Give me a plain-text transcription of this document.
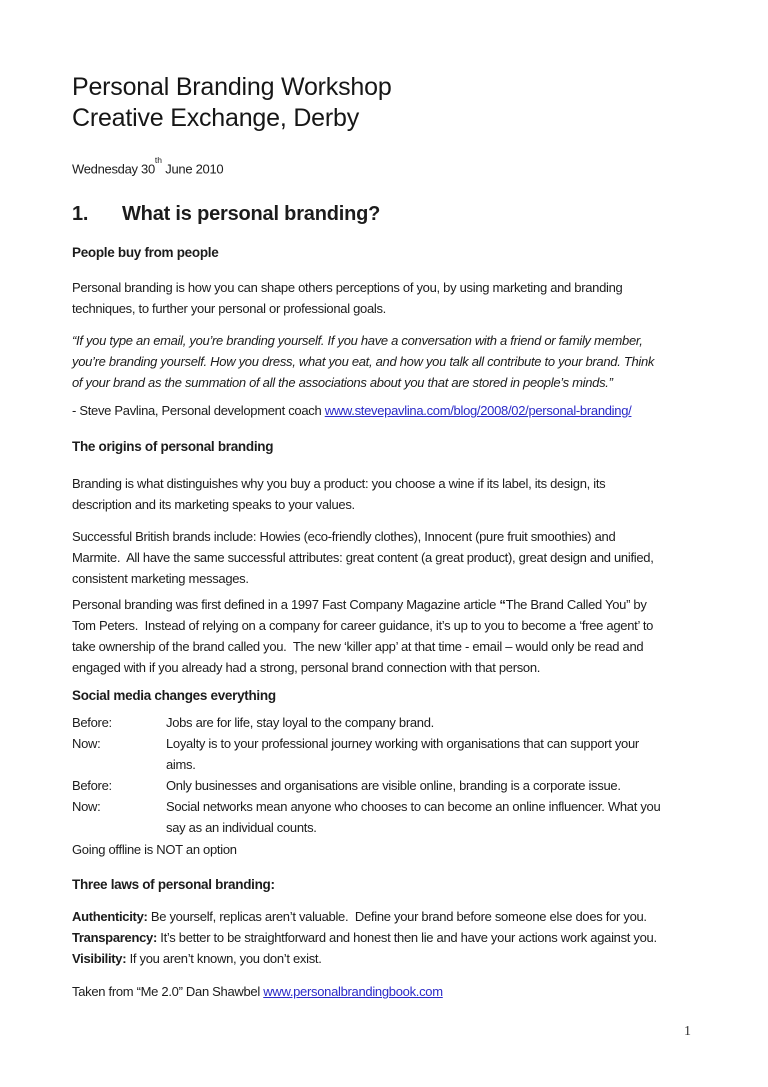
Personal Branding Workshop
Creative Exchange, Derby

Wednesday 30th June 2010

1. What is personal branding?
People buy from people
Personal branding is how you can shape others perceptions of you, by using marketing and branding
techniques, to further your personal or professional goals.
“If you type an email, you’re branding yourself. If you have a conversation with a friend or family member,
you’re branding yourself. How you dress, what you eat, and how you talk all contribute to your brand. Think
of your brand as the summation of all the associations about you that are stored in people’s minds.”
- Steve Pavlina, Personal development coach www.stevepavlina.com/blog/2008/02/personal-branding/
The origins of personal branding
Branding is what distinguishes why you buy a product: you choose a wine if its label, its design, its
description and its marketing speaks to your values.
Successful British brands include: Howies (eco-friendly clothes), Innocent (pure fruit smoothies) and
Marmite.  All have the same successful attributes: great content (a great product), great design and unified,
consistent marketing messages.
Personal branding was first defined in a 1997 Fast Company Magazine article “The Brand Called You” by
Tom Peters.  Instead of relying on a company for career guidance, it’s up to you to become a ‘free agent’ to
take ownership of the brand called you.  The new ‘killer app’ at that time - email – would only be read and
engaged with if you already had a strong, personal brand connection with that person.
Social media changes everything
Before:	Jobs are for life, stay loyal to the company brand.
Now:	Loyalty is to your professional journey working with organisations that can support your
aims.
Before:	Only businesses and organisations are visible online, branding is a corporate issue.
Now:	Social networks mean anyone who chooses to can become an online influencer. What you
say as an individual counts.
Going offline is NOT an option
Three laws of personal branding:
Authenticity: Be yourself, replicas aren’t valuable.  Define your brand before someone else does for you.
Transparency: It’s better to be straightforward and honest then lie and have your actions work against you.
Visibility: If you aren’t known, you don’t exist.
Taken from “Me 2.0” Dan Shawbel www.personalbrandingbook.com
1
